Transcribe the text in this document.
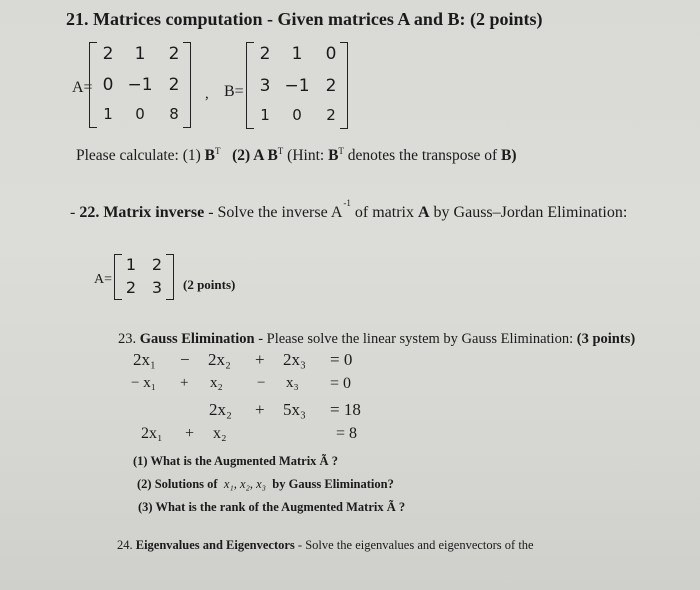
21. Matrices computation - Given matrices A and B: (2 points)
A=
2	1	2
0 −1 2
1	0	8
, B=
2	1	0
3 −1 2
1	0	2
Please calculate: (1) $B^T$ (2) A $B^T$ (Hint: $B^T$ denotes the transpose of B)
- 22. Matrix inverse - Solve the inverse $A^{-1}$ of matrix A by Gauss–Jordan Elimination:
A=
1 2
2 3	(2 points)
23. Gauss Elimination - Please solve the linear system by Gauss Elimination: (3 points)
2x₁ − 2x₂ + 2x₃ = 0
− x₁ + x₂ − x₃ = 0
2x₂ + 5x₃ = 18
2x₁ + x₂	= 8
(1) What is the Augmented Matrix Ã ?
(2) Solutions of x₁, x₂, x₃ by Gauss Elimination?
(3) What is the rank of the Augmented Matrix Ã ?
24. Eigenvalues and Eigenvectors - Solve the eigenvalues and eigenvectors of the
